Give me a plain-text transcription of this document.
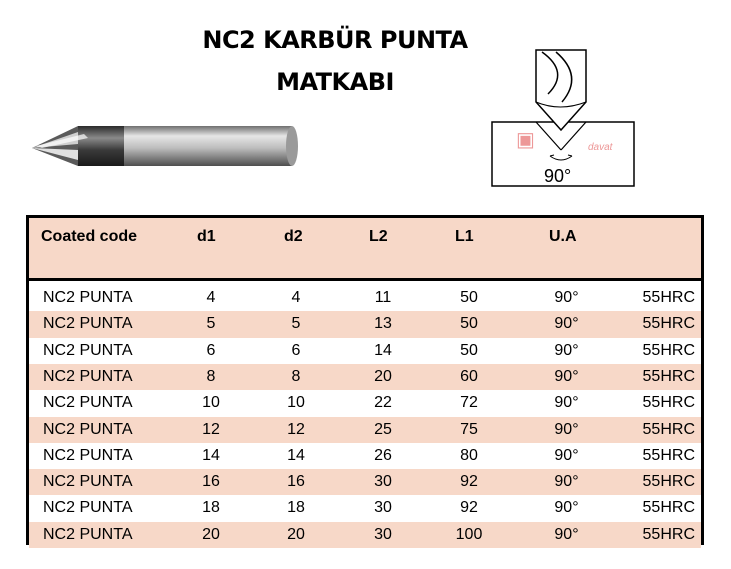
NC2 KARBÜR PUNTA
MATKABI
▣	davat
90°
Coated code	d1	d2	L2	L1	U.A
NC2 PUNTA	4	4	11	50	90°	55HRC
NC2 PUNTA	5	5	13	50	90°	55HRC
NC2 PUNTA	6	6	14	50	90°	55HRC
NC2 PUNTA	8	8	20	60	90°	55HRC
NC2 PUNTA	10	10	22	72	90°	55HRC
NC2 PUNTA	12	12	25	75	90°	55HRC
NC2 PUNTA	14	14	26	80	90°	55HRC
NC2 PUNTA	16	16	30	92	90°	55HRC
NC2 PUNTA	18	18	30	92	90°	55HRC
NC2 PUNTA	20	20	30	100	90°	55HRC
